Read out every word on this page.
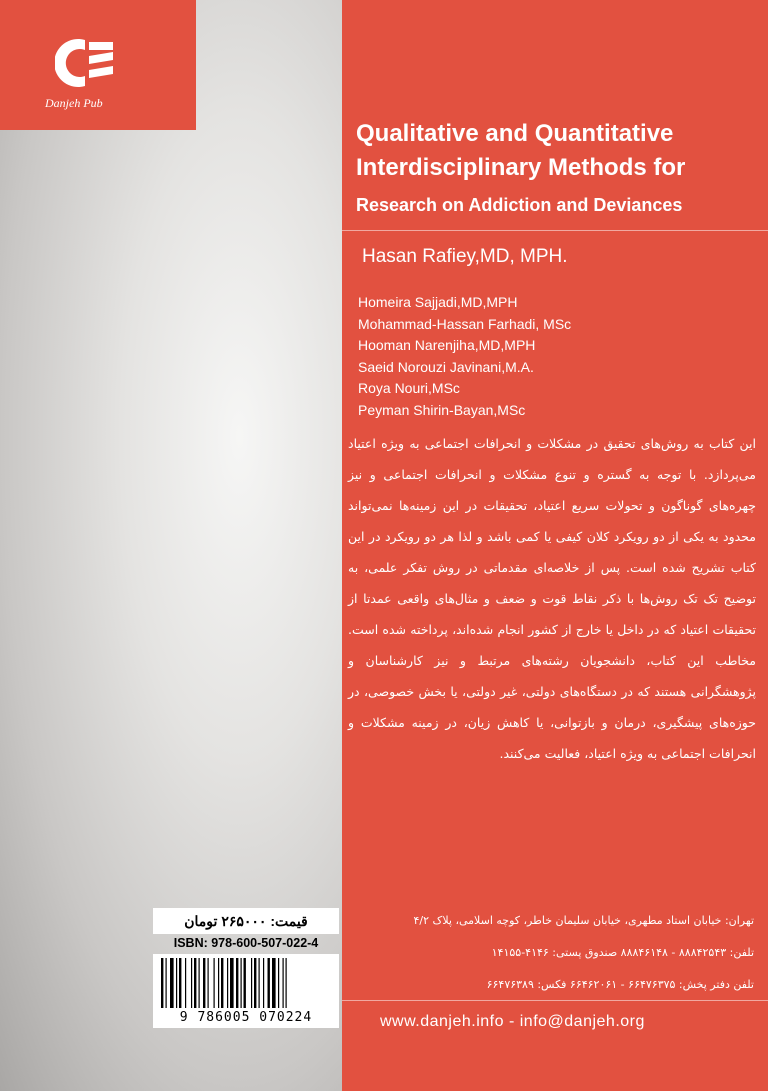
Danjeh Pub
Qualitative and Quantitative
Interdisciplinary Methods for
Research on Addiction and Deviances
Hasan Rafiey,MD, MPH.
Homeira Sajjadi,MD,MPH
Mohammad-Hassan Farhadi, MSc
Hooman Narenjiha,MD,MPH
Saeid Norouzi Javinani,M.A.
Roya Nouri,MSc
Peyman Shirin-Bayan,MSc
این کتاب به روش‌های تحقیق در مشکلات و انحرافات اجتماعی به ویژه اعتیاد می‌پردازد. با توجه به گستره و تنوع مشکلات و انحرافات اجتماعی و نیز چهره‌های گوناگون و تحولات سریع اعتیاد، تحقیقات در این زمینه‌ها نمی‌تواند محدود به یکی از دو رویکرد کلان کیفی یا کمی باشد و لذا هر دو رویکرد در این کتاب تشریح شده است. پس از خلاصه‌ای مقدماتی در روش تفکر علمی، به توضیح تک تک روش‌ها با ذکر نقاط قوت و ضعف و مثال‌های واقعی عمدتا از تحقیقات اعتیاد که در داخل یا خارج از کشور انجام شده‌اند، پرداخته شده است. مخاطب این کتاب، دانشجویان رشته‌های مرتبط و نیز کارشناسان و پژوهشگرانی هستند که در دستگاه‌های دولتی، غیر دولتی، یا بخش خصوصی، در حوزه‌های پیشگیری، درمان و بازتوانی، یا کاهش زیان، در زمینه مشکلات و انحرافات اجتماعی به ویژه اعتیاد، فعالیت می‌کنند.
قیمت: ۲۶۵۰۰۰ تومان
ISBN: 978-600-507-022-4
9 786005 070224
تهران: خیابان استاد مطهری، خیابان سلیمان خاطر، کوچه اسلامی، پلاک ۴/۲
تلفن: ۸۸۸۴۲۵۴۳ - ۸۸۸۴۶۱۴۸ صندوق پستی: ۴۱۴۶-۱۴۱۵۵
تلفن دفتر پخش: ۶۶۴۷۶۳۷۵ - ۶۶۴۶۲۰۶۱ فکس: ۶۶۴۷۶۳۸۹
www.danjeh.info - info@danjeh.org
